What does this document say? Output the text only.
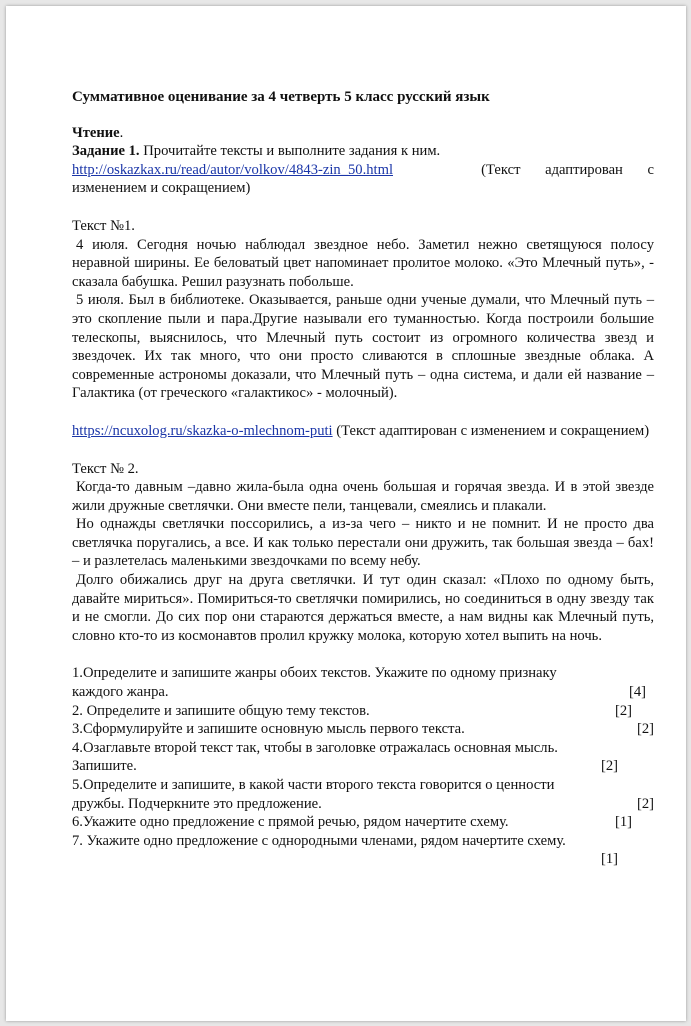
Суммативное оценивание за 4 четверть 5 класс русский язык

Чтение.

Задание 1. Прочитайте тексты и выполните задания к ним.

http://oskazkax.ru/read/autor/volkov/4843-zin_50.html	(Текст адаптирован с

изменением и сокращением)

Текст №1.

4 июля. Сегодня ночью наблюдал звездное небо. Заметил нежно светящуюся полосу неравной ширины. Ее беловатый цвет напоминает пролитое молоко. «Это Млечный путь», - сказала бабушка. Решил разузнать побольше.

5 июля. Был в библиотеке. Оказывается, раньше одни ученые думали, что Млечный путь – это скопление пыли и пара.Другие называли его туманностью. Когда построили большие телескопы, выяснилось, что Млечный путь состоит из огромного количества звезд и звездочек. Их так много, что они просто сливаются в сплошные звездные облака. А современные астрономы доказали, что Млечный путь – одна система, и дали ей название – Галактика (от греческого «галактикос» - молочный).

https://ncuxolog.ru/skazka-o-mlechnom-puti (Текст адаптирован с изменением и сокращением)

Текст № 2.

Когда-то давным –давно жила-была одна очень большая и горячая звезда. И в этой звезде жили дружные светлячки. Они вместе пели, танцевали, смеялись и плакали.

Но однажды светлячки поссорились, а из-за чего – никто и не помнит. И не просто два светлячка поругались, а все. И как только перестали они дружить, так большая звезда – бах! – и разлетелась маленькими звездочками по всему небу.

Долго обижались друг на друга светлячки. И тут один сказал: «Плохо по одному быть, давайте мириться». Помириться-то светлячки помирились, но соединиться в одну звезду так и не смогли. До сих пор они стараются держаться вместе, а нам видны как Млечный путь, словно кто-то из космонавтов пролил кружку молока, которую хотел выпить на ночь.

1.Определите и запишите жанры обоих текстов. Укажите по одному признаку

каждого жанра.	[4]
2. Определите и запишите общую тему текстов.	[2]
3.Сформулируйте и запишите основную мысль первого текста.	[2]

4.Озаглавьте второй текст так, чтобы в заголовке отражалась основная мысль.

Запишите.	[2]

5.Определите и запишите, в какой части второго текста говорится о ценности

дружбы. Подчеркните это предложение.	[2]
6.Укажите одно предложение с прямой речью, рядом начертите схему.	[1]

7. Укажите одно предложение с однородными членами, рядом начертите схему.

[1]
